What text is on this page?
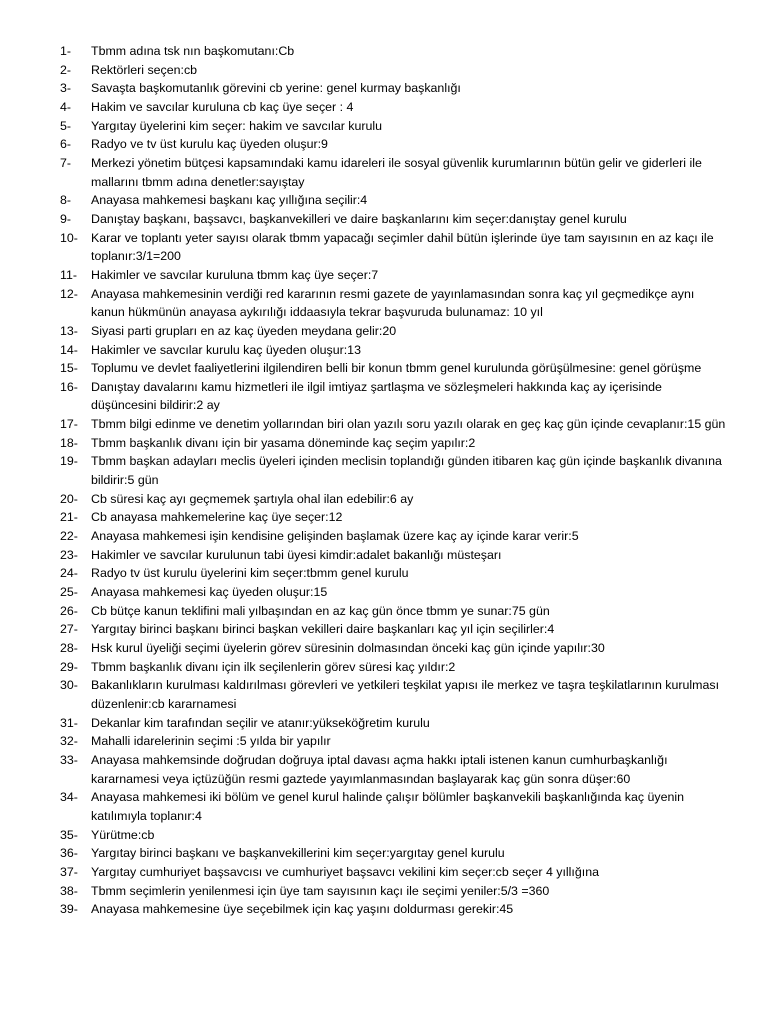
1-	Tbmm adına tsk nın başkomutanı:Cb
2-	Rektörleri seçen:cb
3-	Savaşta başkomutanlık görevini cb yerine: genel kurmay başkanlığı
4-	Hakim ve savcılar kuruluna cb kaç üye seçer : 4
5-	Yargıtay üyelerini kim seçer: hakim ve savcılar kurulu
6-	Radyo ve tv üst kurulu kaç üyeden oluşur:9
7-	Merkezi yönetim bütçesi kapsamındaki kamu idareleri ile sosyal güvenlik kurumlarının bütün gelir ve giderleri ile mallarını tbmm adına denetler:sayıştay
8-	Anayasa mahkemesi başkanı kaç yıllığına seçilir:4
9-	Danıştay başkanı, başsavcı, başkanvekilleri ve daire başkanlarını kim seçer:danıştay genel kurulu
10-	Karar ve toplantı yeter sayısı olarak tbmm yapacağı seçimler dahil bütün işlerinde üye tam sayısının en az kaçı ile toplanır:3/1=200
11-	Hakimler ve savcılar kuruluna tbmm kaç üye seçer:7
12-	Anayasa mahkemesinin verdiği red kararının resmi gazete de yayınlamasından sonra kaç yıl geçmedikçe aynı kanun hükmünün anayasa aykırılığı iddaasıyla tekrar başvuruda bulunamaz: 10 yıl
13-	Siyasi parti grupları en az kaç üyeden meydana gelir:20
14-	Hakimler ve savcılar kurulu kaç üyeden oluşur:13
15-	Toplumu ve devlet faaliyetlerini ilgilendiren belli bir konun tbmm genel kurulunda görüşülmesine: genel görüşme
16-	Danıştay davalarını kamu hizmetleri ile ilgil imtiyaz şartlaşma ve sözleşmeleri hakkında kaç ay içerisinde düşüncesini bildirir:2 ay
17-	Tbmm bilgi edinme ve denetim yollarından biri olan yazılı soru yazılı olarak en geç kaç gün içinde cevaplanır:15 gün
18-	Tbmm başkanlık divanı için bir yasama döneminde kaç seçim yapılır:2
19-	Tbmm başkan adayları meclis üyeleri içinden meclisin toplandığı günden itibaren kaç gün içinde başkanlık divanına bildirir:5 gün
20-	Cb süresi kaç ayı geçmemek şartıyla ohal ilan edebilir:6 ay
21-	Cb anayasa mahkemelerine kaç üye seçer:12
22-	Anayasa mahkemesi işin kendisine gelişinden başlamak üzere kaç ay içinde karar verir:5
23-	Hakimler ve savcılar kurulunun tabi üyesi kimdir:adalet bakanlığı müsteşarı
24-	Radyo tv üst kurulu üyelerini kim seçer:tbmm genel kurulu
25-	Anayasa mahkemesi kaç üyeden oluşur:15
26-	Cb bütçe kanun teklifini mali yılbaşından en az kaç gün önce tbmm ye sunar:75 gün
27-	Yargıtay birinci başkanı birinci başkan vekilleri daire başkanları kaç yıl için seçilirler:4
28-	Hsk kurul üyeliği seçimi üyelerin görev süresinin dolmasından önceki kaç gün içinde yapılır:30
29-	Tbmm başkanlık divanı için ilk seçilenlerin görev süresi kaç yıldır:2
30-	Bakanlıkların kurulması kaldırılması görevleri ve yetkileri teşkilat yapısı ile merkez ve taşra teşkilatlarının kurulması düzenlenir:cb kararnamesi
31-	Dekanlar kim tarafından seçilir ve atanır:yükseköğretim kurulu
32-	Mahalli idarelerinin seçimi :5 yılda bir yapılır
33-	Anayasa mahkemsinde doğrudan doğruya iptal davası açma hakkı iptali istenen kanun cumhurbaşkanlığı kararnamesi veya içtüzüğün resmi gaztede yayımlanmasından başlayarak kaç gün sonra düşer:60
34-	Anayasa mahkemesi iki bölüm ve genel kurul halinde çalışır bölümler başkanvekili başkanlığında kaç üyenin katılımıyla toplanır:4
35-	Yürütme:cb
36-	Yargıtay birinci başkanı ve başkanvekillerini kim seçer:yargıtay genel kurulu
37-	Yargıtay cumhuriyet başsavcısı ve cumhuriyet başsavcı vekilini kim seçer:cb seçer 4 yıllığına
38-	Tbmm seçimlerin yenilenmesi için üye tam sayısının kaçı ile seçimi yeniler:5/3 =360
39-	Anayasa mahkemesine üye seçebilmek için kaç yaşını doldurması gerekir:45
